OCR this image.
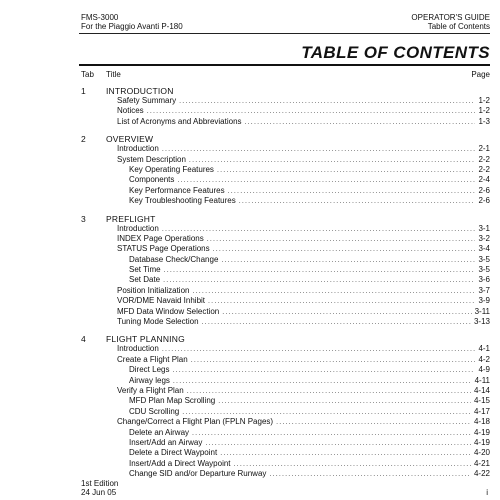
FMS-3000
For the Piaggio Avanti P-180
OPERATOR'S GUIDE
Table of Contents
TABLE OF CONTENTS
Tab Title	Page
1 INTRODUCTION
Safety Summary .....	1-2
Notices .....	1-2
List of Acronyms and Abbreviations .....	1-3
2 OVERVIEW
Introduction .....	2-1
System Description .....	2-2
Key Operating Features .....	2-2
Components .....	2-4
Key Performance Features .....	2-6
Key Troubleshooting Features .....	2-6
3 PREFLIGHT
Introduction .....	3-1
INDEX Page Operations .....	3-2
STATUS Page Operations .....	3-4
Database Check/Change .....	3-5
Set Time .....	3-5
Set Date .....	3-6
Position Initialization .....	3-7
VOR/DME Navaid Inhibit .....	3-9
MFD Data Window Selection .....	3-11
Tuning Mode Selection .....	3-13
4 FLIGHT PLANNING
Introduction .....	4-1
Create a Flight Plan .....	4-2
Direct Legs .....	4-9
Airway legs .....	4-11
Verify a Flight Plan .....	4-14
MFD Plan Map Scrolling .....	4-15
CDU Scrolling .....	4-17
Change/Correct a Flight Plan (FPLN Pages) .....	4-18
Delete an Airway .....	4-19
Insert/Add an Airway .....	4-19
Delete a Direct Waypoint .....	4-20
Insert/Add a Direct Waypoint .....	4-21
Change SID and/or Departure Runway .....	4-22
1st Edition
24 Jun 05	i
